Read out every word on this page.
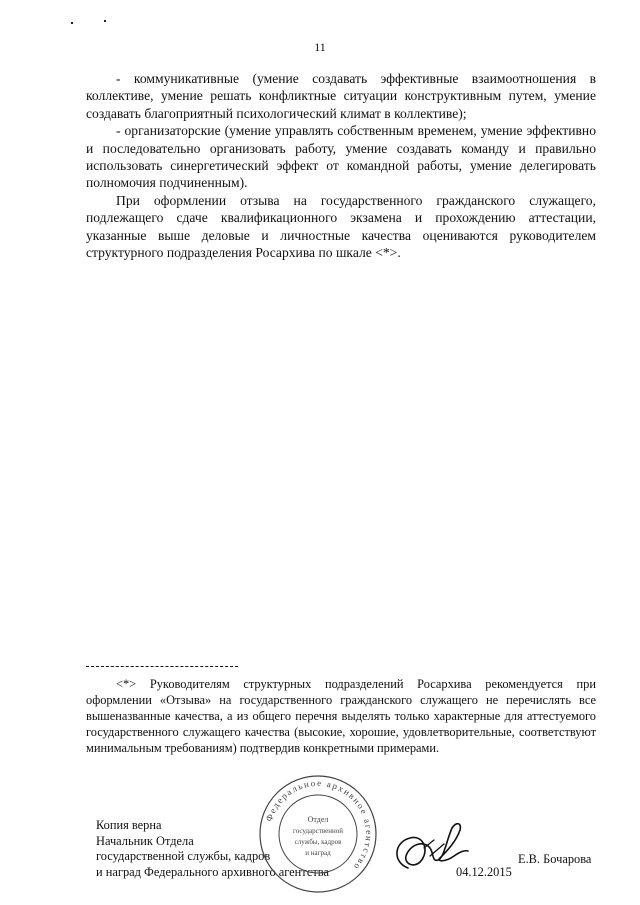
11

- коммуникативные (умение создавать эффективные взаимоотношения в коллективе, умение решать конфликтные ситуации конструктивным путем, умение создавать благоприятный психологический климат в коллективе);

- организаторские (умение управлять собственным временем, умение эффективно и последовательно организовать работу, умение создавать команду и правильно использовать синергетический эффект от командной работы, умение делегировать полномочия подчиненным).

При оформлении отзыва на государственного гражданского служащего, подлежащего сдаче квалификационного экзамена и прохождению аттестации, указанные выше деловые и личностные качества оцениваются руководителем структурного подразделения Росархива по шкале <*>.

<*> Руководителям структурных подразделений Росархива рекомендуется при оформлении «Отзыва» на государственного гражданского служащего не перечислять все вышеназванные качества, а из общего перечня выделять только характерные для аттестуемого государственного служащего качества (высокие, хорошие, удовлетворительные, соответствуют минимальным требованиям) подтвердив конкретными примерами.

Копия верна
Начальник Отдела
государственной службы, кадров
и наград Федерального архивного агентства
Федеральное архивное агентство
Отдел
государственной
службы, кадров
и наград
04.12.2015
Е.В. Бочарова
